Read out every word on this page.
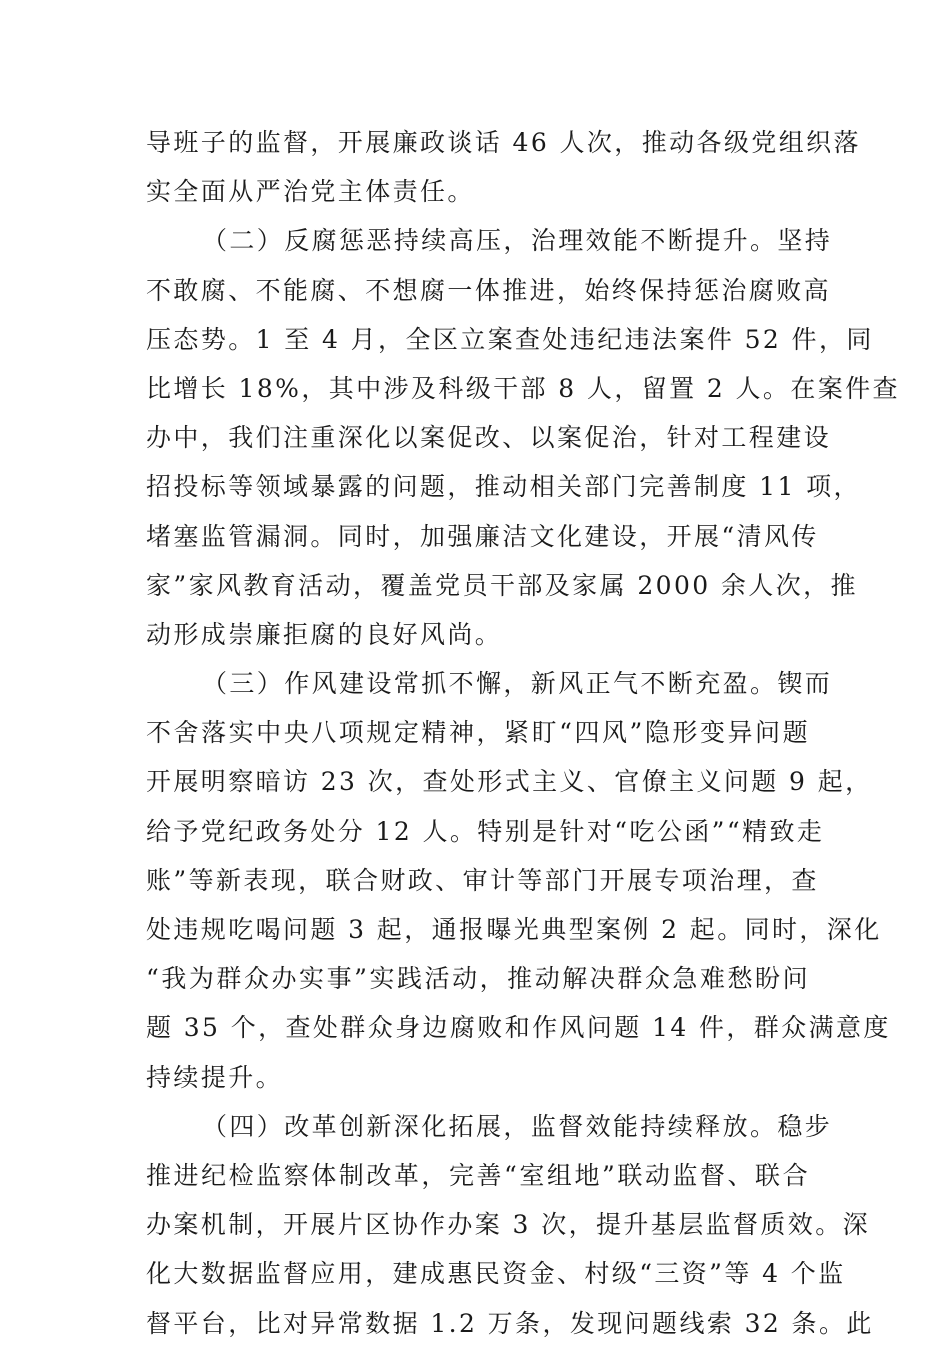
导班子的监督，开展廉政谈话 46 人次，推动各级党组织落
实全面从严治党主体责任。
（二）反腐惩恶持续高压，治理效能不断提升。坚持
不敢腐、不能腐、不想腐一体推进，始终保持惩治腐败高
压态势。1 至 4 月，全区立案查处违纪违法案件 52 件，同
比增长 18%，其中涉及科级干部 8 人，留置 2 人。在案件查
办中，我们注重深化以案促改、以案促治，针对工程建设
招投标等领域暴露的问题，推动相关部门完善制度 11 项，
堵塞监管漏洞。同时，加强廉洁文化建设，开展“清风传
家”家风教育活动，覆盖党员干部及家属 2000 余人次，推
动形成崇廉拒腐的良好风尚。
（三）作风建设常抓不懈，新风正气不断充盈。锲而
不舍落实中央八项规定精神，紧盯“四风”隐形变异问题
开展明察暗访 23 次，查处形式主义、官僚主义问题 9 起，
给予党纪政务处分 12 人。特别是针对“吃公函”“精致走
账”等新表现，联合财政、审计等部门开展专项治理，查
处违规吃喝问题 3 起，通报曝光典型案例 2 起。同时，深化
“我为群众办实事”实践活动，推动解决群众急难愁盼问
题 35 个，查处群众身边腐败和作风问题 14 件，群众满意度
持续提升。
（四）改革创新深化拓展，监督效能持续释放。稳步
推进纪检监察体制改革，完善“室组地”联动监督、联合
办案机制，开展片区协作办案 3 次，提升基层监督质效。深
化大数据监督应用，建成惠民资金、村级“三资”等 4 个监
督平台，比对异常数据 1.2 万条，发现问题线索 32 条。此
